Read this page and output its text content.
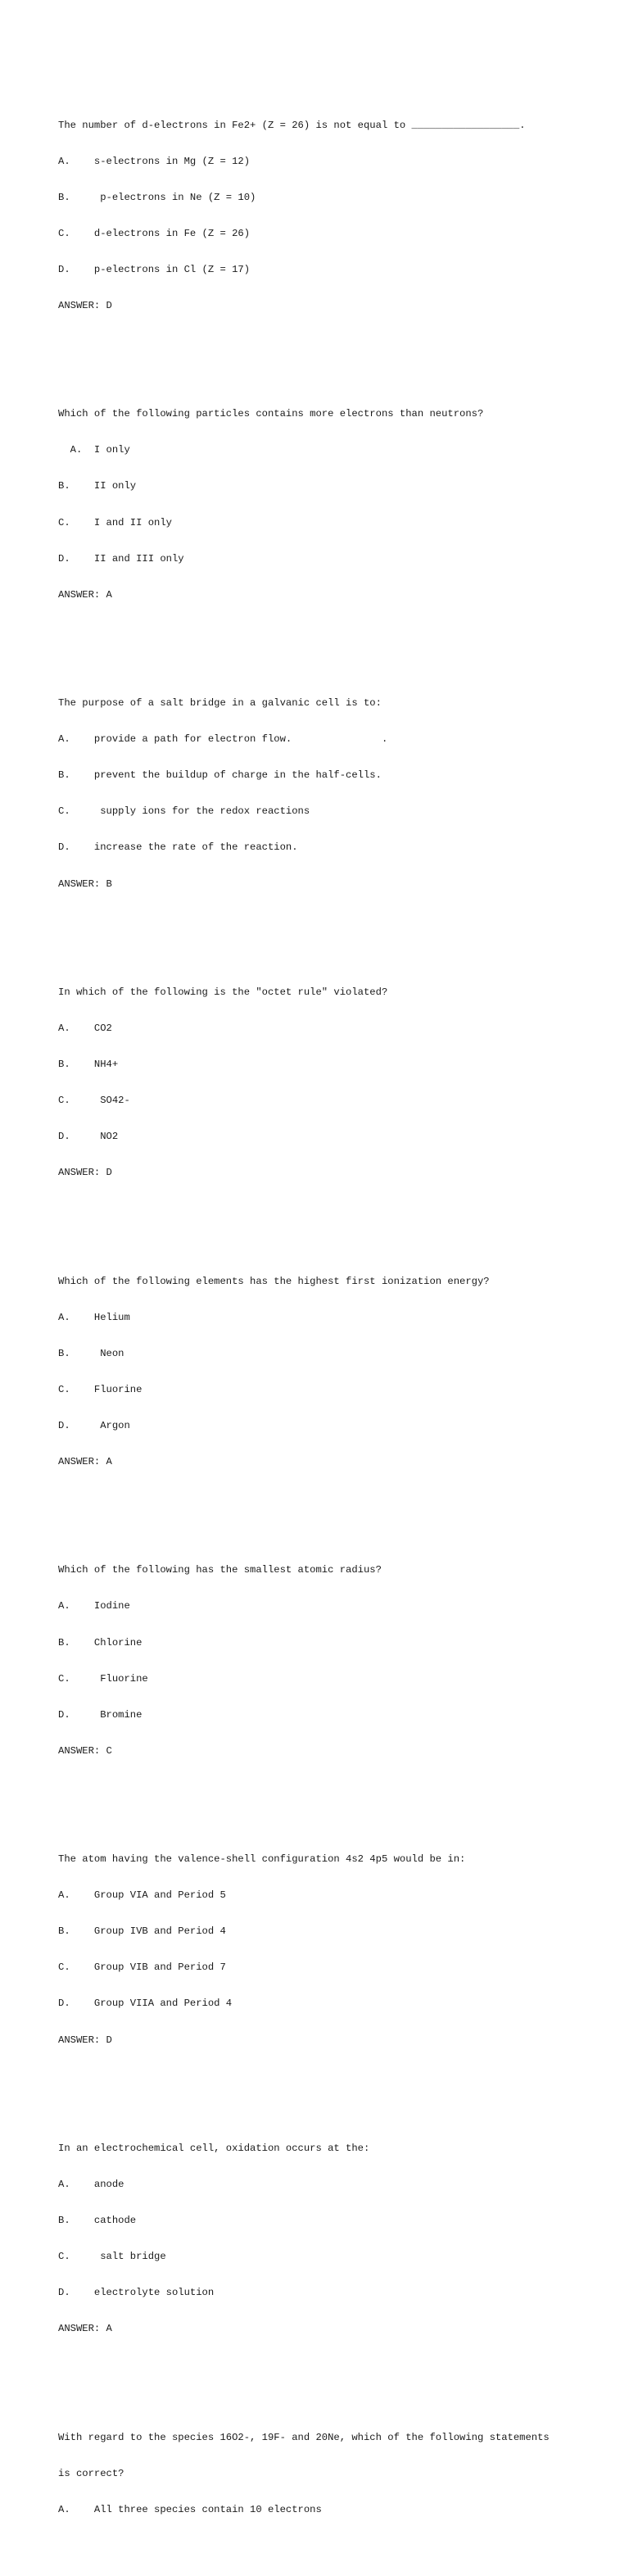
The number of d-electrons in Fe2+ (Z = 26) is not equal to __________________.

A.    s-electrons in Mg (Z = 12)

B.     p-electrons in Ne (Z = 10)

C.    d-electrons in Fe (Z = 26)

D.    p-electrons in Cl (Z = 17)

ANSWER: D

Which of the following particles contains more electrons than neutrons?

A.  I only

B.    II only

C.    I and II only

D.    II and III only

ANSWER: A

The purpose of a salt bridge in a galvanic cell is to:

A.    provide a path for electron flow.               .

B.    prevent the buildup of charge in the half-cells.

C.     supply ions for the redox reactions

D.    increase the rate of the reaction.

ANSWER: B

In which of the following is the "octet rule" violated?

A.    CO2

B.    NH4+

C.     SO42-

D.     NO2

ANSWER: D

Which of the following elements has the highest first ionization energy?

A.    Helium

B.     Neon

C.    Fluorine

D.     Argon

ANSWER: A

Which of the following has the smallest atomic radius?

A.    Iodine

B.    Chlorine

C.     Fluorine

D.     Bromine

ANSWER: C

The atom having the valence-shell configuration 4s2 4p5 would be in:

A.    Group VIA and Period 5

B.    Group IVB and Period 4

C.    Group VIB and Period 7

D.    Group VIIA and Period 4

ANSWER: D

In an electrochemical cell, oxidation occurs at the:

A.    anode

B.    cathode

C.     salt bridge

D.    electrolyte solution

ANSWER: A

With regard to the species 16O2-, 19F- and 20Ne, which of the following statements

is correct?

A.    All three species contain 10 electrons
